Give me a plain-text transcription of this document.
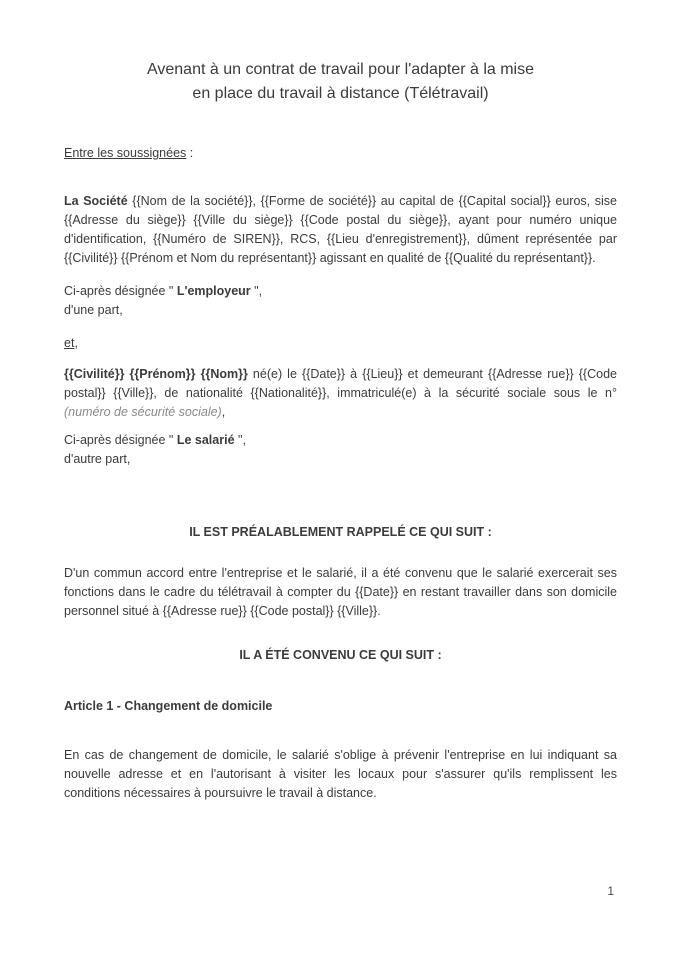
Avenant à un contrat de travail pour l'adapter à la mise
en place du travail à distance (Télétravail)
Entre les soussignées :
La Société {{Nom de la société}}, {{Forme de société}} au capital de {{Capital social}} euros, sise {{Adresse du siège}} {{Ville du siège}} {{Code postal du siège}}, ayant pour numéro unique d'identification, {{Numéro de SIREN}}, RCS, {{Lieu d'enregistrement}}, dûment représentée par {{Civilité}} {{Prénom et Nom du représentant}} agissant en qualité de {{Qualité du représentant}}.
Ci-après désignée " L'employeur ",
d'une part,
et,
{{Civilité}} {{Prénom}} {{Nom}} né(e) le {{Date}} à {{Lieu}} et demeurant {{Adresse rue}} {{Code postal}} {{Ville}}, de nationalité {{Nationalité}}, immatriculé(e) à la sécurité sociale sous le n° (numéro de sécurité sociale),
Ci-après désignée " Le salarié ",
d'autre part,
IL EST PRÉALABLEMENT RAPPELÉ CE QUI SUIT :
D'un commun accord entre l'entreprise et le salarié, il a été convenu que le salarié exercerait ses fonctions dans le cadre du télétravail à compter du {{Date}} en restant travailler dans son domicile personnel situé à {{Adresse rue}} {{Code postal}} {{Ville}}.
IL A ÉTÉ CONVENU CE QUI SUIT :
Article 1 - Changement de domicile
En cas de changement de domicile, le salarié s'oblige à prévenir l'entreprise en lui indiquant sa nouvelle adresse et en l'autorisant à visiter les locaux pour s'assurer qu'ils remplissent les conditions nécessaires à poursuivre le travail à distance.
1
